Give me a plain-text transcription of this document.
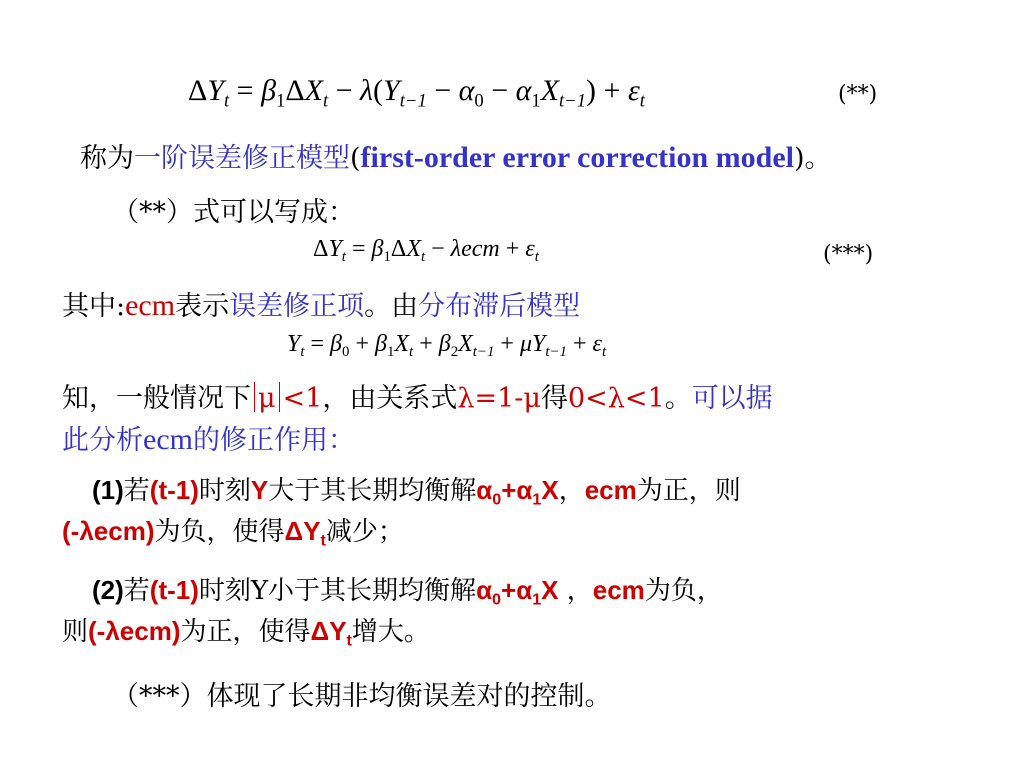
$\Delta Y_t = \beta_1\Delta X_t - \lambda(Y_{t-1} - \alpha_0 - \alpha_1X_{t-1}) + \varepsilon_t$	(**)
称为一阶误差修正模型(first-order error correction model)。
（**）式可以写成：
$\Delta Y_t = \beta_1\Delta X_t - \lambda ecm + \varepsilon_t$	(***)
其中:ecm表示误差修正项。由分布滞后模型
$Y_t = \beta_0 + \beta_1X_t + \beta_2X_{t-1} + \mu Y_{t-1} + \varepsilon_t$
知，一般情况下 μ <1，由关系式λ=1-μ得0<λ<1。可以据
此分析ecm的修正作用：
(1)若(t-1)时刻Y大于其长期均衡解$\alpha_0+\alpha_1X$，ecm为正，则
(-λecm)为负，使得$\Delta Y_t$减少；
(2)若(t-1)时刻Y小于其长期均衡解$\alpha_0+\alpha_1X$ ，ecm为负，
则(-λecm)为正，使得$\Delta Y_t$增大。
（***）体现了长期非均衡误差对的控制。
